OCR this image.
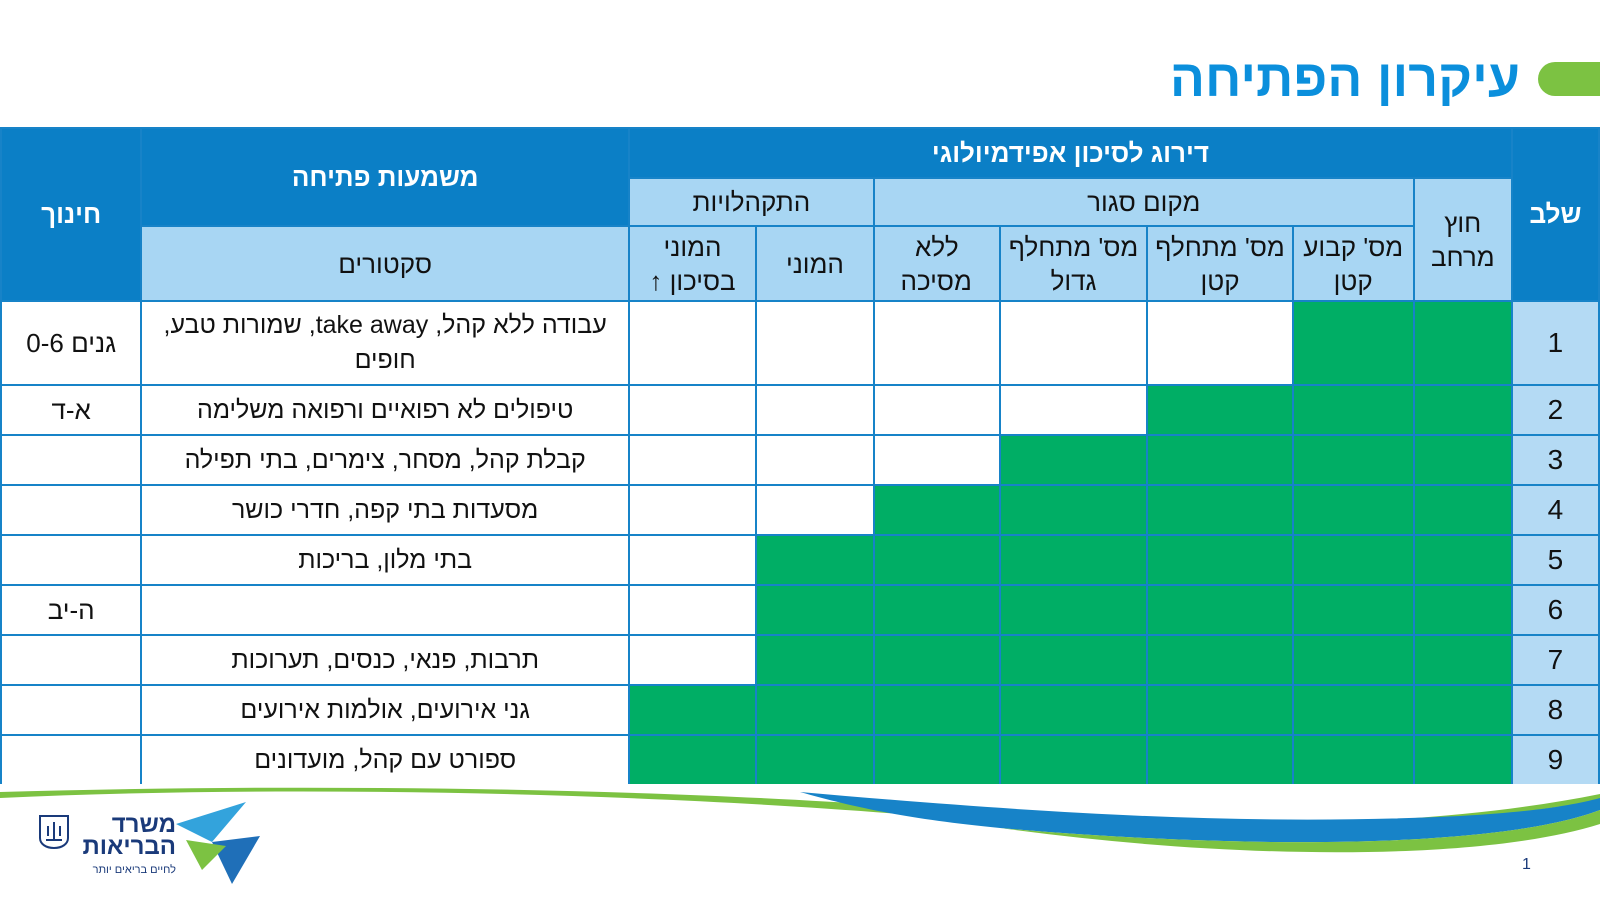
עיקרון הפתיחה
שלב	דירוג לסיכון אפידמיולוגי							משמעות פתיחה	חינוך

	חוץ מרחב	מקום סגור				התקהלויות			

		מס' קבוע קטן	מס' מתחלף קטן	מס' מתחלף גדול	ללא מסיכה	המוני	המוני בסיכון ↑	סקטורים	
1								עבודה ללא קהל, take away, שמורות טבע, חופים	גנים 0-6
2								טיפולים לא רפואיים ורפואה משלימה	א-ד
3								קבלת קהל, מסחר, צימרים, בתי תפילה	
4								מסעדות בתי קפה, חדרי כושר	
5								בתי מלון, בריכות	
6									ה-יב
7								תרבות, פנאי, כנסים, תערוכות	
8								גני אירועים, אולמות אירועים	
9								ספורט עם קהל, מועדונים	
משרד
הבריאות
לחיים בריאים יותר	1
